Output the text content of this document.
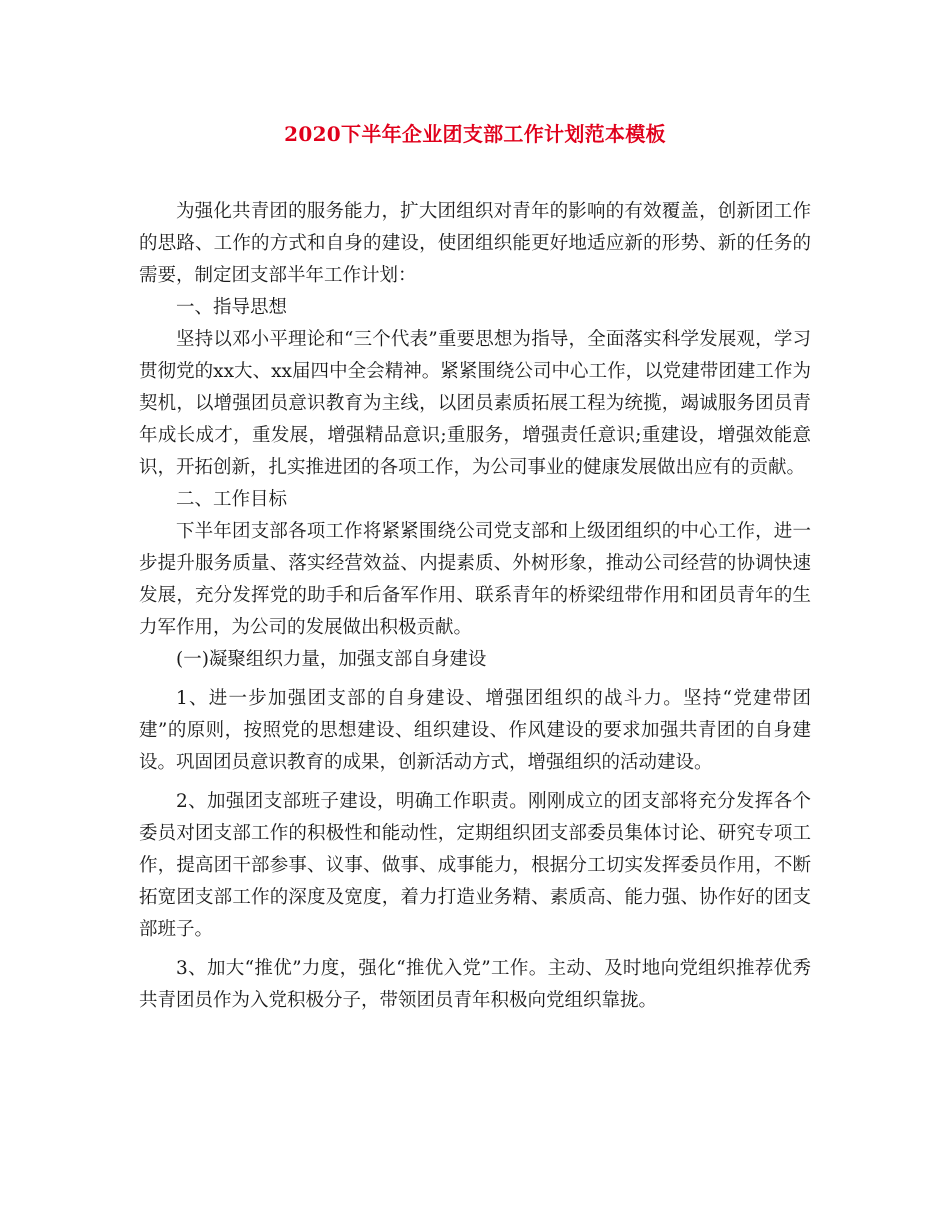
2020下半年企业团支部工作计划范本模板

为强化共青团的服务能力，扩大团组织对青年的影响的有效覆盖，创新团工作的思路、工作的方式和自身的建设，使团组织能更好地适应新的形势、新的任务的需要，制定团支部半年工作计划：

一、指导思想

坚持以邓小平理论和“三个代表”重要思想为指导，全面落实科学发展观，学习贯彻党的xx大、xx届四中全会精神。紧紧围绕公司中心工作，以党建带团建工作为契机，以增强团员意识教育为主线，以团员素质拓展工程为统揽，竭诚服务团员青年成长成才，重发展，增强精品意识;重服务，增强责任意识;重建设，增强效能意识，开拓创新，扎实推进团的各项工作，为公司事业的健康发展做出应有的贡献。

二、工作目标

下半年团支部各项工作将紧紧围绕公司党支部和上级团组织的中心工作，进一步提升服务质量、落实经营效益、内提素质、外树形象，推动公司经营的协调快速发展，充分发挥党的助手和后备军作用、联系青年的桥梁纽带作用和团员青年的生力军作用，为公司的发展做出积极贡献。

(一)凝聚组织力量，加强支部自身建设

1、进一步加强团支部的自身建设、增强团组织的战斗力。坚持“党建带团建”的原则，按照党的思想建设、组织建设、作风建设的要求加强共青团的自身建设。巩固团员意识教育的成果，创新活动方式，增强组织的活动建设。

2、加强团支部班子建设，明确工作职责。刚刚成立的团支部将充分发挥各个委员对团支部工作的积极性和能动性，定期组织团支部委员集体讨论、研究专项工作，提高团干部参事、议事、做事、成事能力，根据分工切实发挥委员作用，不断拓宽团支部工作的深度及宽度，着力打造业务精、素质高、能力强、协作好的团支部班子。

3、加大“推优”力度，强化“推优入党”工作。主动、及时地向党组织推荐优秀共青团员作为入党积极分子，带领团员青年积极向党组织靠拢。
